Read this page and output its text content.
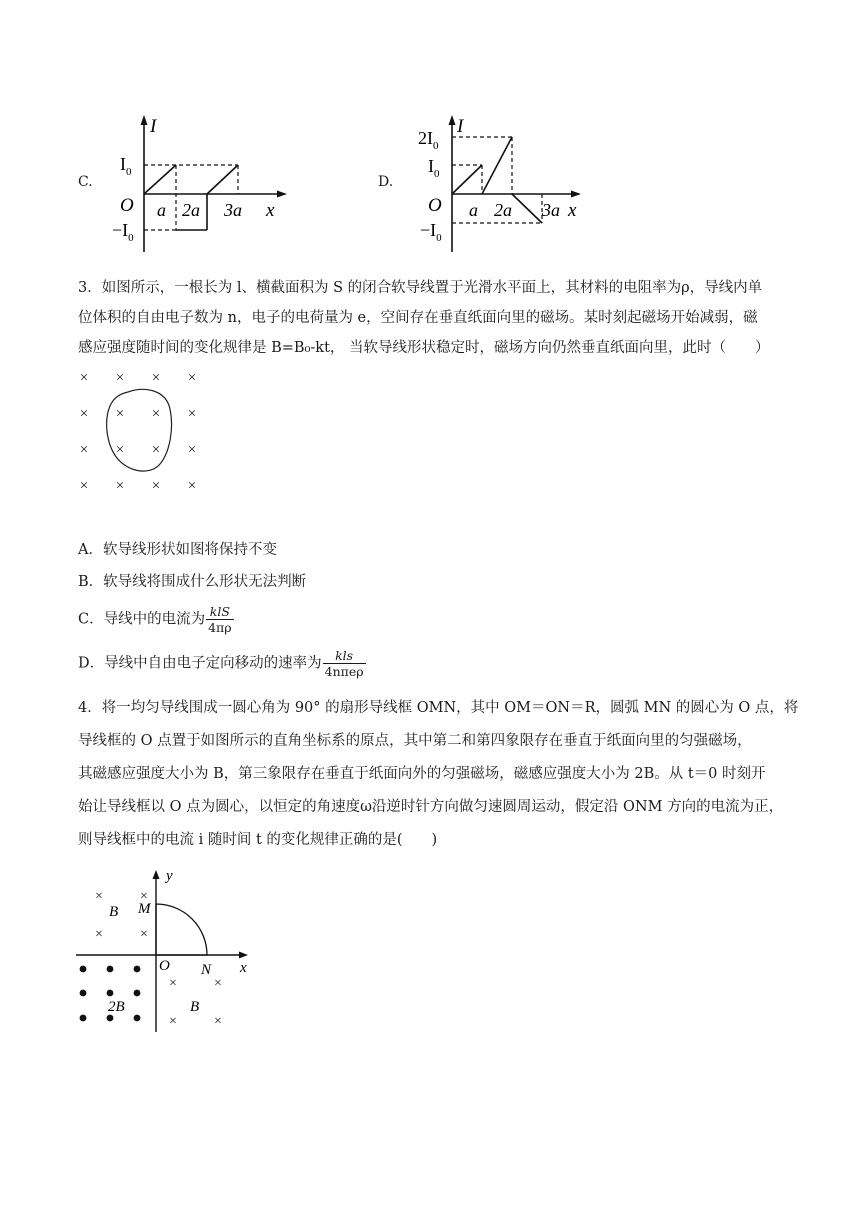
C.
I
$I_0$
O a 2a 3a x
$-I_0$
D.
$2I_0$
I
$I_0$
O a 2a 3a x
$-I_0$
3．如图所示，一根长为 l、横截面积为 S 的闭合软导线置于光滑水平面上，其材料的电阻率为ρ，导线内单
位体积的自由电子数为 n，电子的电荷量为 e，空间存在垂直纸面向里的磁场。某时刻起磁场开始减弱，磁
感应强度随时间的变化规律是 B=B₀-kt， 当软导线形状稳定时，磁场方向仍然垂直纸面向里，此时（　　）
× × × ×
× × × ×
× × × ×
× × × ×
A．软导线形状如图将保持不变
B．软导线将围成什么形状无法判断
C．导线中的电流为 $\frac{\text{klS}}{4\pi\rho}$
D．导线中自由电子定向移动的速率为 $\frac{\text{kls}}{\text{4nπeρ}}$
4．将一均匀导线围成一圆心角为 90° 的扇形导线框 OMN，其中 OM＝ON＝R，圆弧 MN 的圆心为 O 点，将
导线框的 O 点置于如图所示的直角坐标系的原点，其中第二和第四象限存在垂直于纸面向里的匀强磁场，
其磁感应强度大小为 B，第三象限存在垂直于纸面向外的匀强磁场，磁感应强度大小为 2B。从 t＝0 时刻开
始让导线框以 O 点为圆心，以恒定的角速度ω沿逆时针方向做匀速圆周运动，假定沿 ONM 方向的电流为正，
则导线框中的电流 i 随时间 t 的变化规律正确的是(　　)
y
x
O
M
N
×	×
×	×
×	×
×	×
B
2B	B
